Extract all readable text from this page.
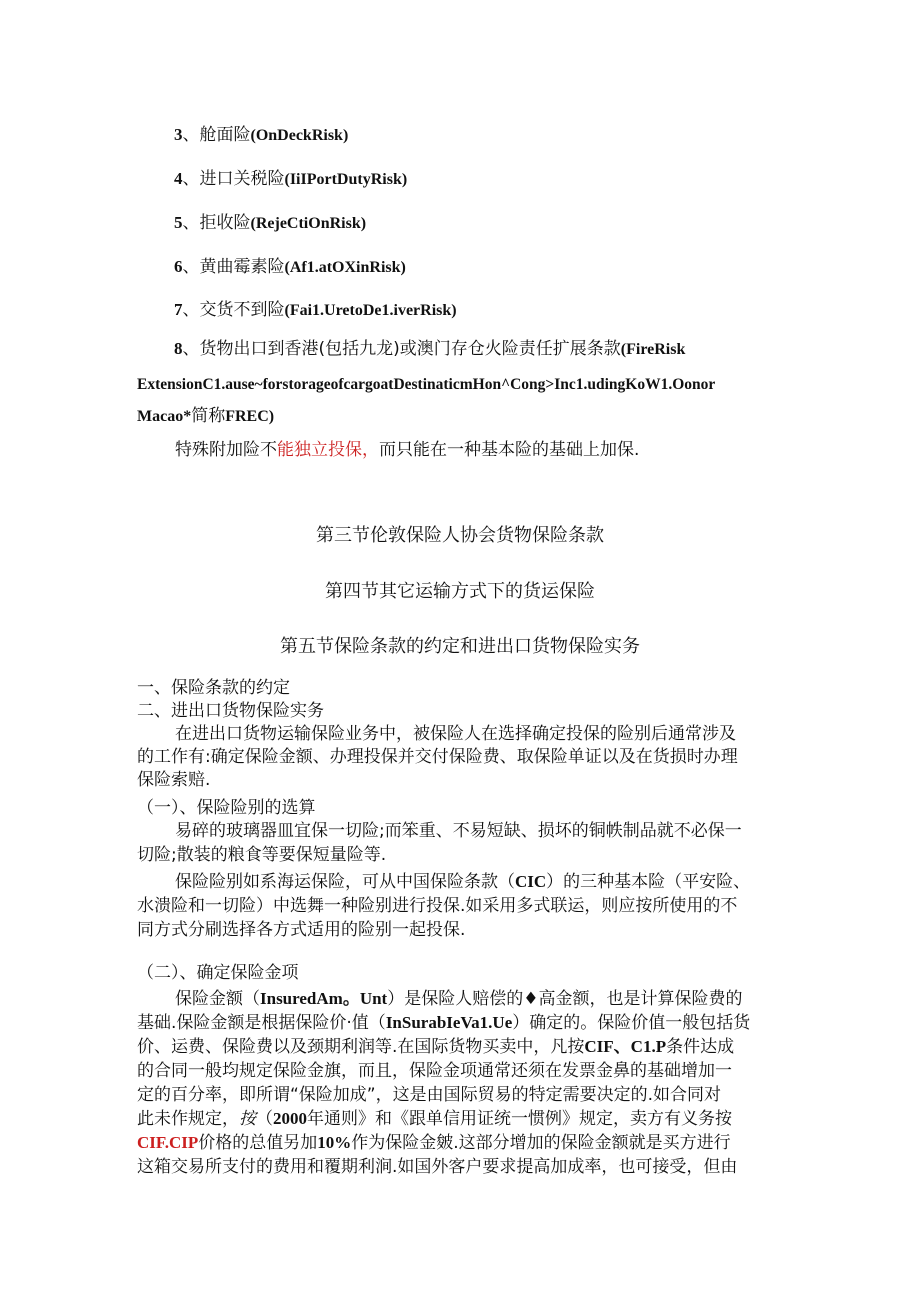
3、舱面险(OnDeckRisk)
4、进口关税险(IiIPortDutyRisk)
5、拒收险(RejeCtiOnRisk)
6、黄曲霉素险(Af1.atOXinRisk)
7、交货不到险(Fai1.UretoDe1.iverRisk)
8、货物出口到香港(包括九龙)或澳门存仓火险责任扩展条款(FireRisk
ExtensionC1.ause~forstorageofcargoatDestinaticmHon^Cong>Inc1.udingKoW1.Oonor
Macao*简称FREC)
特殊附加险不能独立投保，而只能在一种基本险的基础上加保.
第三节伦敦保险人协会货物保险条款
第四节其它运输方式下的货运保险
第五节保险条款的约定和进出口货物保险实务
一、保险条款的约定
二、进出口货物保险实务
在进出口货物运输保险业务中，被保险人在选择确定投保的险别后通常涉及
的工作有:确定保险金额、办理投保并交付保险费、取保险单证以及在货损时办理
保险索赔.
（一）、保险险别的选算
易碎的玻璃器皿宜保一切险;而笨重、不易短缺、损坏的铜帙制品就不必保一
切险;散装的粮食等要保短量险等.
保险险别如系海运保险，可从中国保险条款（CIC）的三种基本险（平安险、
水溃险和一切险）中选舞一种险别进行投保.如采用多式联运，则应按所使用的不
同方式分刷选择各方式适用的险别一起投保.
（二）、确定保险金项
保险金额（InsuredAm。Unt）是保险人赔偿的♦高金额，也是计算保险费的
基础.保险金额是根据保险价·值（InSurabIeVa1.Ue）确定的。保险价值一般包括货
价、运费、保险费以及颈期利润等.在国际货物买卖中，凡按CIF、C1.P条件达成
的合同一般均规定保险金旗，而且，保险金项通常还须在发票金鼻的基础增加一
定的百分率，即所谓“保险加成”，这是由国际贸易的特定需要决定的.如合同对
此未作规定，按（2000年通则》和《跟单信用证统一惯例》规定，卖方有义务按
CIF.CIP价格的总值另加10%作为保险金皴.这部分增加的保险金额就是买方进行
这箱交易所支付的费用和覆期利涧.如国外客户要求提高加成率，也可接受，但由
